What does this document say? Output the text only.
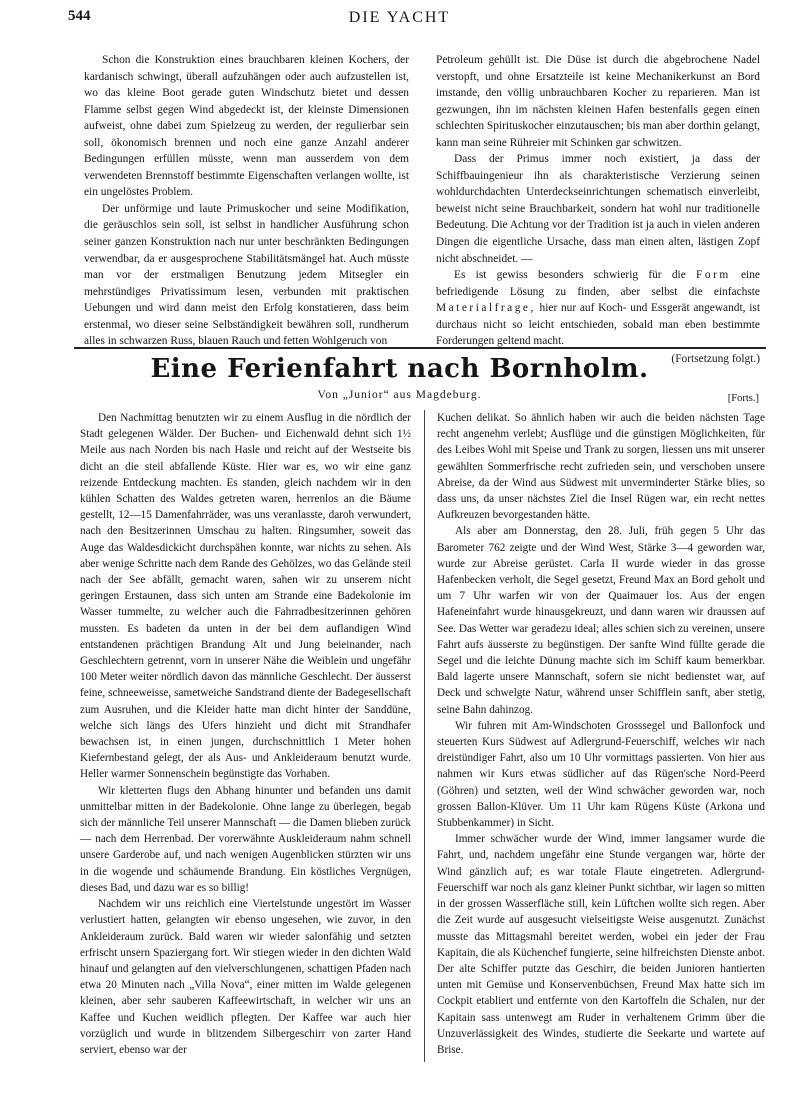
544	DIE YACHT

Schon die Konstruktion eines brauchbaren kleinen Kochers, der kardanisch schwingt, überall aufzuhängen oder auch aufzustellen ist, wo das kleine Boot gerade guten Windschutz bietet und dessen Flamme selbst gegen Wind abgedeckt ist, der kleinste Dimensionen aufweist, ohne dabei zum Spielzeug zu werden, der regulierbar sein soll, ökonomisch brennen und noch eine ganze Anzahl anderer Bedingungen erfüllen müsste, wenn man ausserdem von dem verwendeten Brennstoff bestimmte Eigenschaften verlangen wollte, ist ein ungelöstes Problem.

Der unförmige und laute Primuskocher und seine Modifikation, die geräuschlos sein soll, ist selbst in handlicher Ausführung schon seiner ganzen Konstruktion nach nur unter beschränkten Bedingungen verwendbar, da er ausgesprochene Stabilitätsmängel hat. Auch müsste man vor der erstmaligen Benutzung jedem Mitsegler ein mehrstündiges Privatissimum lesen, verbunden mit praktischen Uebungen und wird dann meist den Erfolg konstatieren, dass beim erstenmal, wo dieser seine Selbständigkeit bewähren soll, rundherum alles in schwarzen Russ, blauen Rauch und fetten Wohlgeruch von

Petroleum gehüllt ist. Die Düse ist durch die abgebrochene Nadel verstopft, und ohne Ersatzteile ist keine Mechanikerkunst an Bord imstande, den völlig unbrauchbaren Kocher zu reparieren. Man ist gezwungen, ihn im nächsten kleinen Hafen bestenfalls gegen einen schlechten Spirituskocher einzutauschen; bis man aber dorthin gelangt, kann man seine Rühreier mit Schinken gar schwitzen.

Dass der Primus immer noch existiert, ja dass der Schiffbauingenieur ihn als charakteristische Verzierung seinen wohldurchdachten Unterdeckseinrichtungen schematisch einverleibt, beweist nicht seine Brauchbarkeit, sondern hat wohl nur traditionelle Bedeutung. Die Achtung vor der Tradition ist ja auch in vielen anderen Dingen die eigentliche Ursache, dass man einen alten, lästigen Zopf nicht abschneidet. —

Es ist gewiss besonders schwierig für die Form eine befriedigende Lösung zu finden, aber selbst die einfachste Materialfrage, hier nur auf Koch- und Essgerät angewandt, ist durchaus nicht so leicht entschieden, sobald man eben bestimmte Forderungen geltend macht.

(Fortsetzung folgt.)
Eine Ferienfahrt nach Bornholm.
Von „Junior“ aus Magdeburg.	[Forts.]

Den Nachmittag benutzten wir zu einem Ausflug in die nördlich der Stadt gelegenen Wälder. Der Buchen- und Eichenwald dehnt sich 1½ Meile aus nach Norden bis nach Hasle und reicht auf der Westseite bis dicht an die steil abfallende Küste. Hier war es, wo wir eine ganz reizende Entdeckung machten. Es standen, gleich nachdem wir in den kühlen Schatten des Waldes getreten waren, herrenlos an die Bäume gestellt, 12—15 Damenfahrräder, was uns veranlasste, daroh verwundert, nach den Besitzerinnen Umschau zu halten. Ringsumher, soweit das Auge das Waldesdickicht durchspähen konnte, war nichts zu sehen. Als aber wenige Schritte nach dem Rande des Gehölzes, wo das Gelände steil nach der See abfällt, gemacht waren, sahen wir zu unserem nicht geringen Erstaunen, dass sich unten am Strande eine Badekolonie im Wasser tummelte, zu welcher auch die Fahrradbesitzerinnen gehören mussten. Es badeten da unten in der bei dem auflandigen Wind entstandenen prächtigen Brandung Alt und Jung beieinander, nach Geschlechtern getrennt, vorn in unserer Nähe die Weiblein und ungefähr 100 Meter weiter nördlich davon das männliche Geschlecht. Der äusserst feine, schneeweisse, sametweiche Sandstrand diente der Badegesellschaft zum Ausruhen, und die Kleider hatte man dicht hinter der Sanddüne, welche sich längs des Ufers hinzieht und dicht mit Strandhafer bewachsen ist, in einen jungen, durchschnittlich 1 Meter hohen Kiefernbestand gelegt, der als Aus- und Ankleideraum benutzt wurde. Heller warmer Sonnenschein begünstigte das Vorhaben.

Wir kletterten flugs den Abhang hinunter und befanden uns damit unmittelbar mitten in der Badekolonie. Ohne lange zu überlegen, begab sich der männliche Teil unserer Mannschaft — die Damen blieben zurück — nach dem Herrenbad. Der vorerwähnte Auskleideraum nahm schnell unsere Garderobe auf, und nach wenigen Augenblicken stürzten wir uns in die wogende und schäumende Brandung. Ein köstliches Vergnügen, dieses Bad, und dazu war es so billig!

Nachdem wir uns reichlich eine Viertelstunde ungestört im Wasser verlustiert hatten, gelangten wir ebenso ungesehen, wie zuvor, in den Ankleideraum zurück. Bald waren wir wieder salonfähig und setzten erfrischt unsern Spaziergang fort. Wir stiegen wieder in den dichten Wald hinauf und gelangten auf den vielverschlungenen, schattigen Pfaden nach etwa 20 Minuten nach „Villa Nova“, einer mitten im Walde gelegenen kleinen, aber sehr sauberen Kaffeewirtschaft, in welcher wir uns an Kaffee und Kuchen weidlich pflegten. Der Kaffee war auch hier vorzüglich und wurde in blitzendem Silbergeschirr von zarter Hand serviert, ebenso war der

Kuchen delikat. So ähnlich haben wir auch die beiden nächsten Tage recht angenehm verlebt; Ausflüge und die günstigen Möglichkeiten, für des Leibes Wohl mit Speise und Trank zu sorgen, liessen uns mit unserer gewählten Sommerfrische recht zufrieden sein, und verschoben unsere Abreise, da der Wind aus Südwest mit unverminderter Stärke blies, so dass uns, da unser nächstes Ziel die Insel Rügen war, ein recht nettes Aufkreuzen bevorgestanden hätte.

Als aber am Donnerstag, den 28. Juli, früh gegen 5 Uhr das Barometer 762 zeigte und der Wind West, Stärke 3—4 geworden war, wurde zur Abreise gerüstet. Carla II wurde wieder in das grosse Hafenbecken verholt, die Segel gesetzt, Freund Max an Bord geholt und um 7 Uhr warfen wir von der Quaimauer los. Aus der engen Hafeneinfahrt wurde hinausgekreuzt, und dann waren wir draussen auf See. Das Wetter war geradezu ideal; alles schien sich zu vereinen, unsere Fahrt aufs äusserste zu begünstigen. Der sanfte Wind füllte gerade die Segel und die leichte Dünung machte sich im Schiff kaum bemerkbar. Bald lagerte unsere Mannschaft, sofern sie nicht bedienstet war, auf Deck und schwelgte Natur, während unser Schifflein sanft, aber stetig, seine Bahn dahinzog.

Wir fuhren mit Am-Windschoten Grosssegel und Ballonfock und steuerten Kurs Südwest auf Adlergrund-Feuerschiff, welches wir nach dreistündiger Fahrt, also um 10 Uhr vormittags passierten. Von hier aus nahmen wir Kurs etwas südlicher auf das Rügen'sche Nord-Peerd (Göhren) und setzten, weil der Wind schwächer geworden war, noch grossen Ballon-Klüver. Um 11 Uhr kam Rügens Küste (Arkona und Stubbenkammer) in Sicht.

Immer schwächer wurde der Wind, immer langsamer wurde die Fahrt, und, nachdem ungefähr eine Stunde vergangen war, hörte der Wind gänzlich auf; es war totale Flaute eingetreten. Adlergrund-Feuerschiff war noch als ganz kleiner Punkt sichtbar, wir lagen so mitten in der grossen Wasserfläche still, kein Lüftchen wollte sich regen. Aber die Zeit wurde auf ausgesucht vielseitigste Weise ausgenutzt. Zunächst musste das Mittagsmahl bereitet werden, wobei ein jeder der Frau Kapitain, die als Küchenchef fungierte, seine hilfreichsten Dienste anbot. Der alte Schiffer putzte das Geschirr, die beiden Junioren hantierten unten mit Gemüse und Konservenbüchsen, Freund Max hatte sich im Cockpit etabliert und entfernte von den Kartoffeln die Schalen, nur der Kapitain sass untenwegt am Ruder in verhaltenem Grimm über die Unzuverlässigkeit des Windes, studierte die Seekarte und wartete auf Brise.
